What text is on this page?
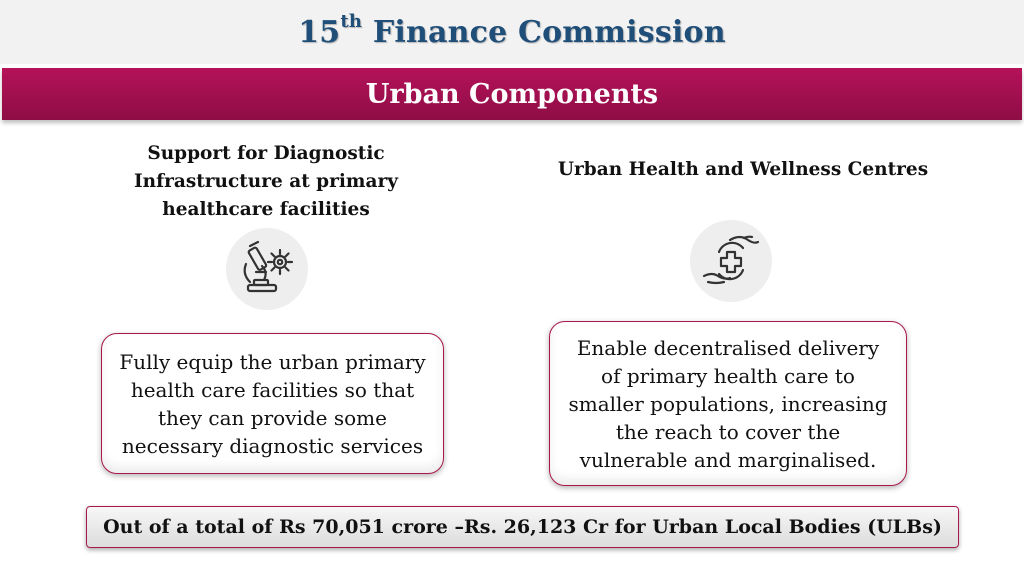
15th Finance Commission
Urban Components
Support for Diagnostic Infrastructure at primary healthcare facilities
Urban Health and Wellness Centres
Fully equip the urban primary health care facilities so that they can provide some necessary diagnostic services
Enable decentralised delivery of primary health care to smaller populations, increasing the reach to cover the vulnerable and marginalised.
Out of a total of Rs 70,051 crore –Rs. 26,123 Cr for Urban Local Bodies (ULBs)
